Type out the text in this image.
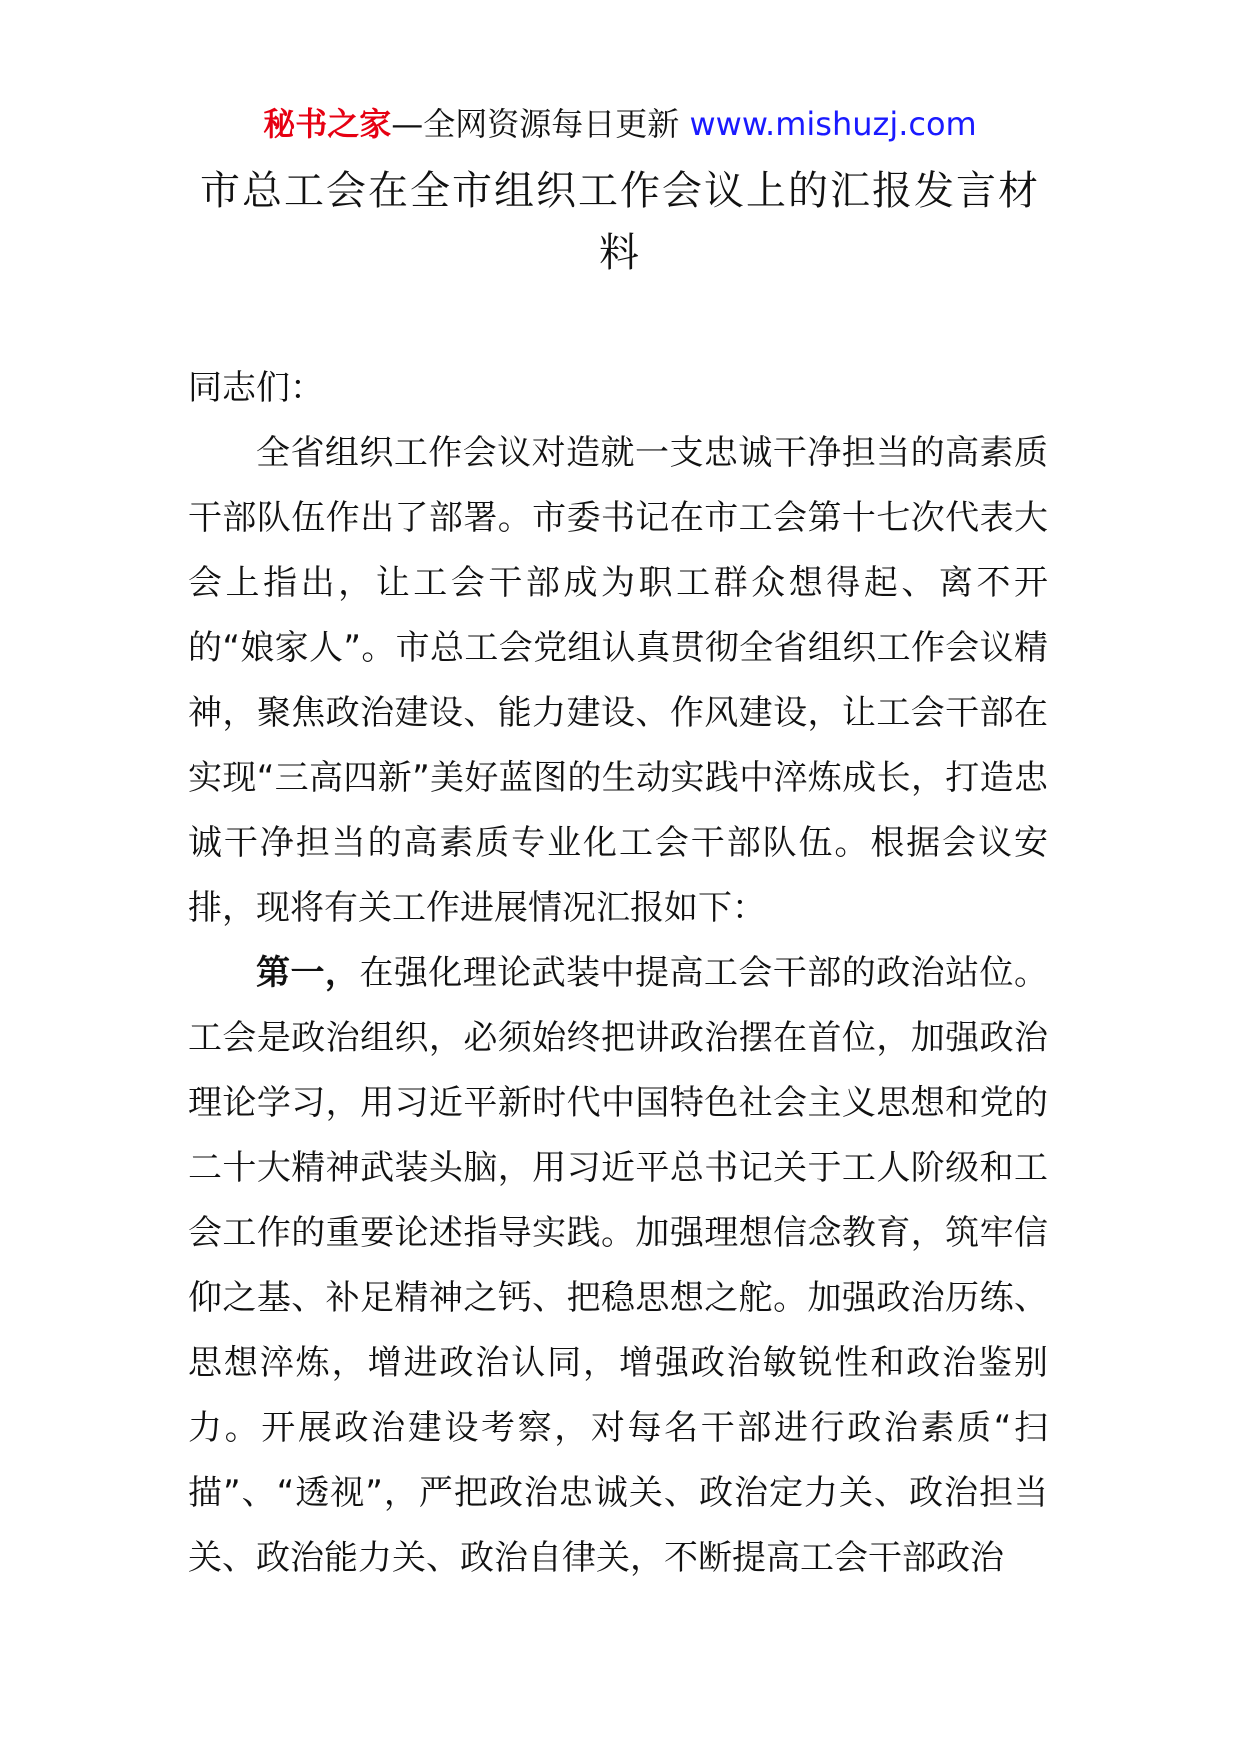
秘书之家—全网资源每日更新 www.mishuzj.com
市总工会在全市组织工作会议上的汇报发言材料

同志们：

全省组织工作会议对造就一支忠诚干净担当的高素质干部队伍作出了部署。市委书记在市工会第十七次代表大会上指出，让工会干部成为职工群众想得起、离不开的“娘家人”。市总工会党组认真贯彻全省组织工作会议精神，聚焦政治建设、能力建设、作风建设，让工会干部在实现“三高四新”美好蓝图的生动实践中淬炼成长，打造忠诚干净担当的高素质专业化工会干部队伍。根据会议安排，现将有关工作进展情况汇报如下：

第一，在强化理论武装中提高工会干部的政治站位。工会是政治组织，必须始终把讲政治摆在首位，加强政治理论学习，用习近平新时代中国特色社会主义思想和党的二十大精神武装头脑，用习近平总书记关于工人阶级和工会工作的重要论述指导实践。加强理想信念教育，筑牢信仰之基、补足精神之钙、把稳思想之舵。加强政治历练、思想淬炼，增进政治认同，增强政治敏锐性和政治鉴别力。开展政治建设考察，对每名干部进行政治素质“扫描”、“透视”，严把政治忠诚关、政治定力关、政治担当关、政治能力关、政治自律关，不断提高工会干部政治
